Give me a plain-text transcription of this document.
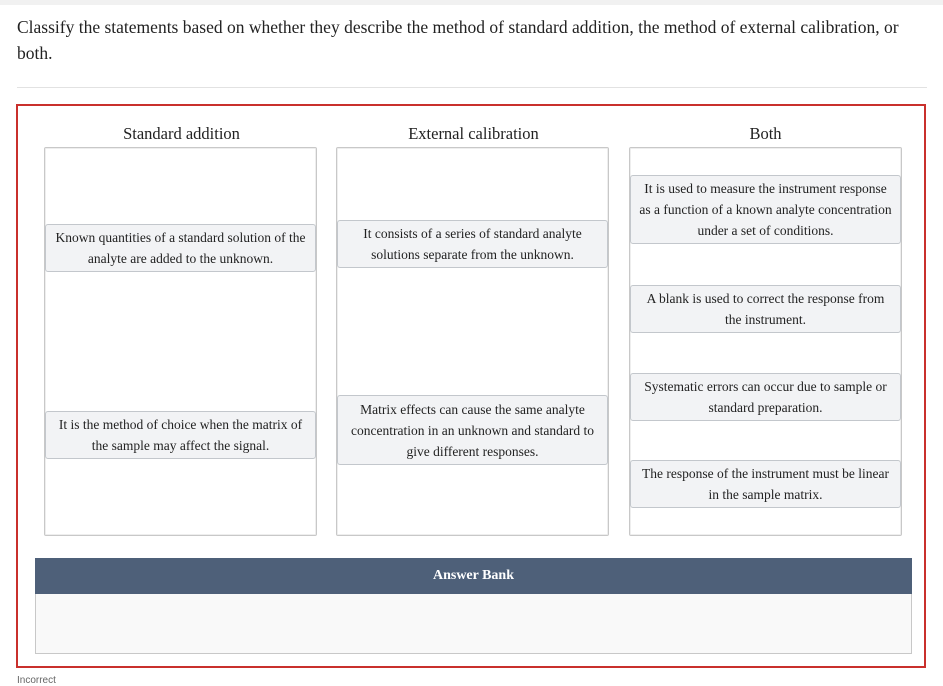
Classify the statements based on whether they describe the method of standard addition, the method of external calibration, or both.
Standard addition	External calibration	Both
Known quantities of a standard solution of the analyte are added to the unknown.
It is the method of choice when the matrix of the sample may affect the signal.
It consists of a series of standard analyte solutions separate from the unknown.
Matrix effects can cause the same analyte concentration in an unknown and standard to give different responses.
It is used to measure the instrument response as a function of a known analyte concentration under a set of conditions.
A blank is used to correct the response from the instrument.
Systematic errors can occur due to sample or standard preparation.
The response of the instrument must be linear in the sample matrix.
Answer Bank
Incorrect
